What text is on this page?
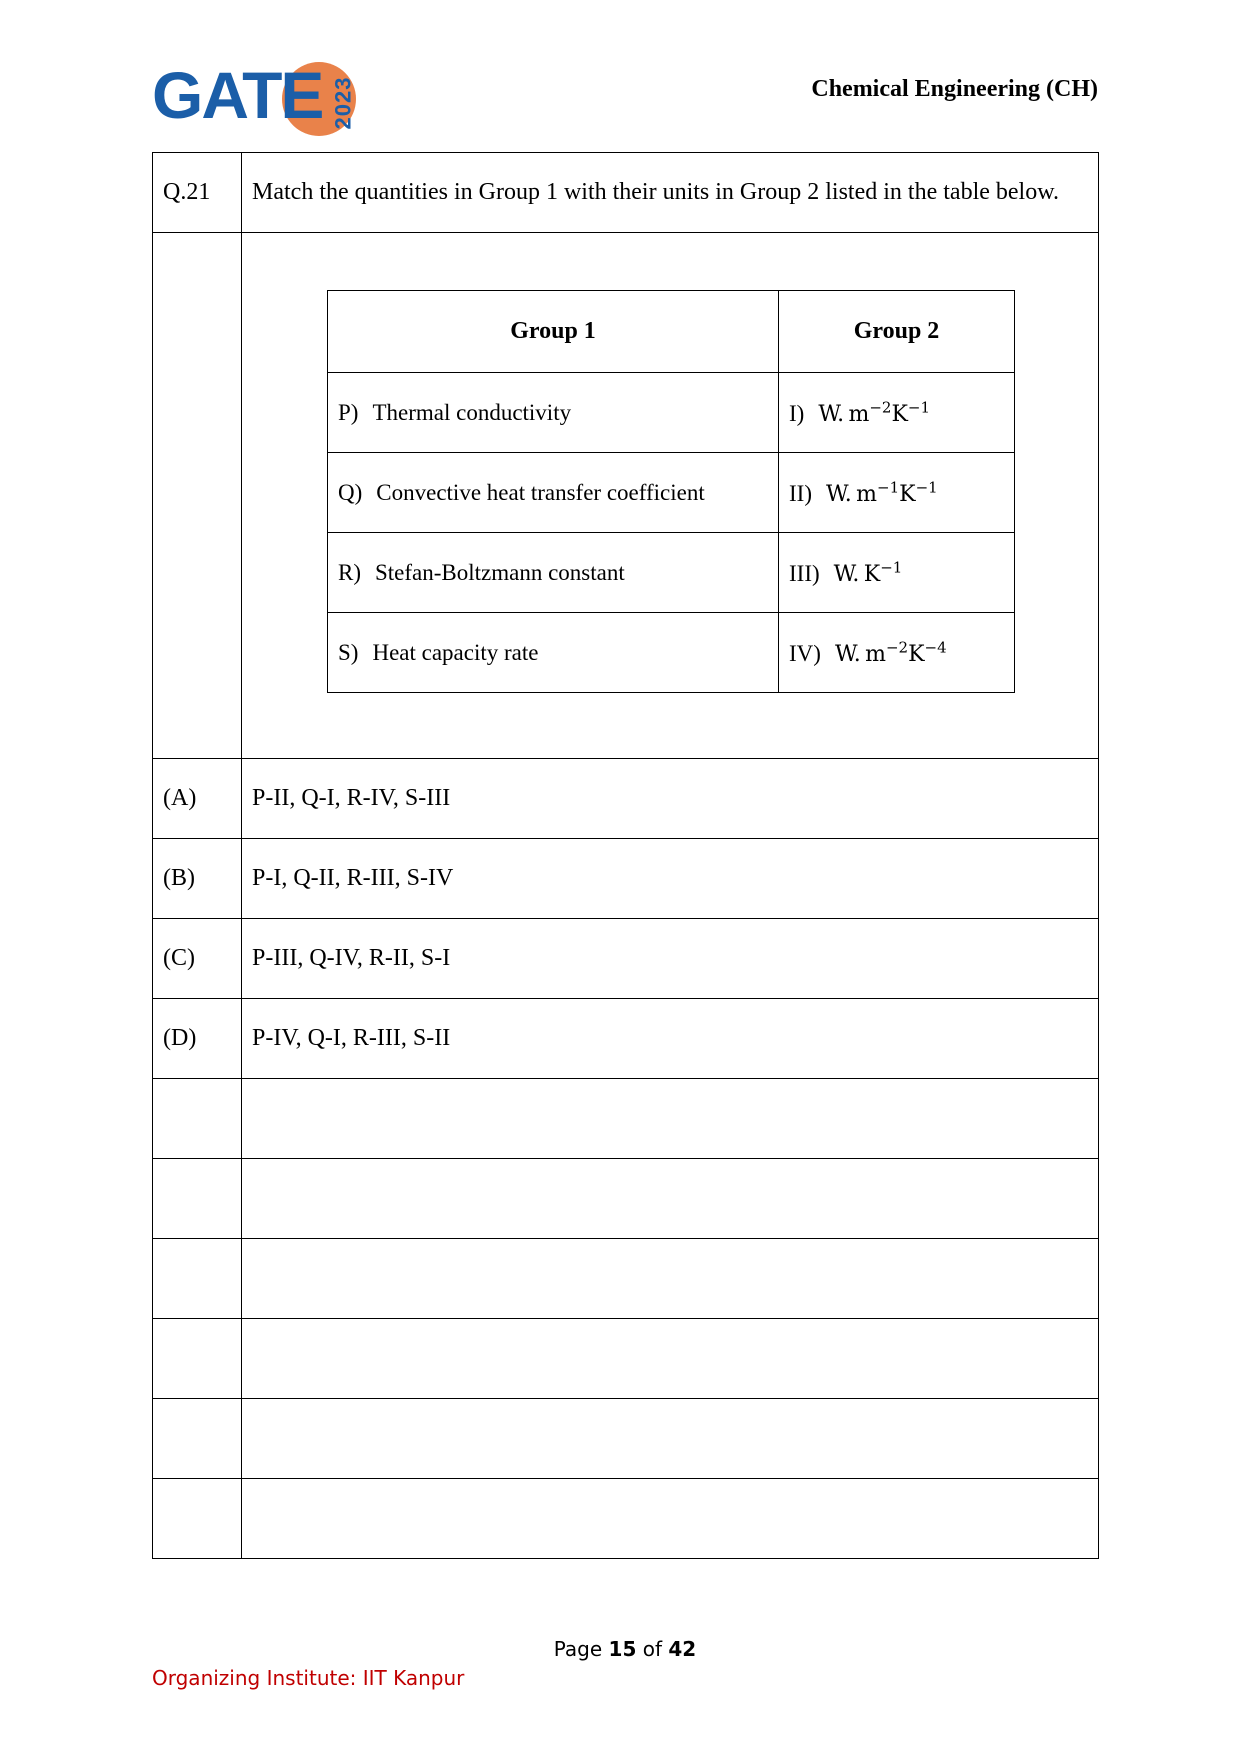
GATE 2023	Chemical Engineering (CH)
Q.21	Match the quantities in Group 1 with their units in Group 2 listed in the table below.

Group 1	Group 2
P) Thermal conductivity	I) W. $m^{-2}K^{-1}$
Q) Convective heat transfer coefficient	II) W. $m^{-1}K^{-1}$
R) Stefan-Boltzmann constant	III) W. $K^{-1}$
S) Heat capacity rate	IV) W. $m^{-2}K^{-4}$

(A)	P-II, Q-I, R-IV, S-III
(B)	P-I, Q-II, R-III, S-IV
(C)	P-III, Q-IV, R-II, S-I
(D)	P-IV, Q-I, R-III, S-II

Page 15 of 42
Organizing Institute: IIT Kanpur
